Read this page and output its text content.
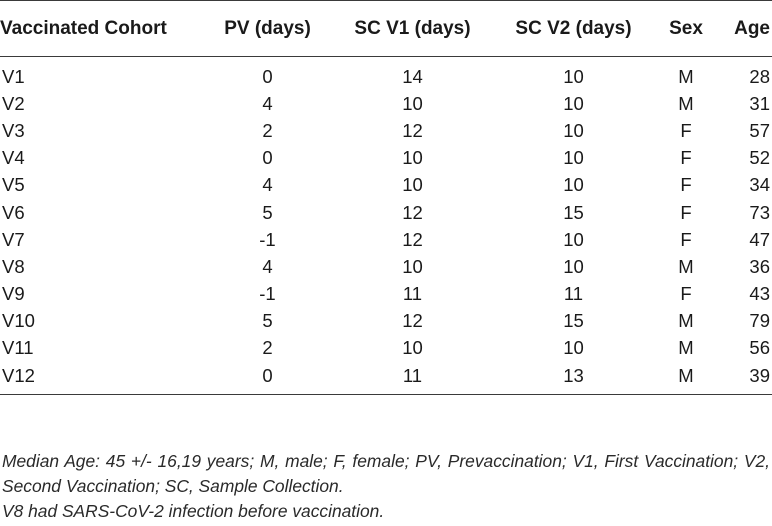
Vaccinated Cohort	PV (days)	SC V1 (days)	SC V2 (days)	Sex	Age
V1	0	14	10	M	28
V2	4	10	10	M	31
V3	2	12	10	F	57
V4	0	10	10	F	52
V5	4	10	10	F	34
V6	5	12	15	F	73
V7	-1	12	10	F	47
V8	4	10	10	M	36
V9	-1	11	11	F	43
V10	5	12	15	M	79
V11	2	10	10	M	56
V12	0	11	13	M	39

Median Age: 45 +/- 16,19 years; M, male; F, female; PV, Prevaccination; V1, First Vaccination; V2, Second Vaccination; SC, Sample Collection.

V8 had SARS-CoV-2 infection before vaccination.
